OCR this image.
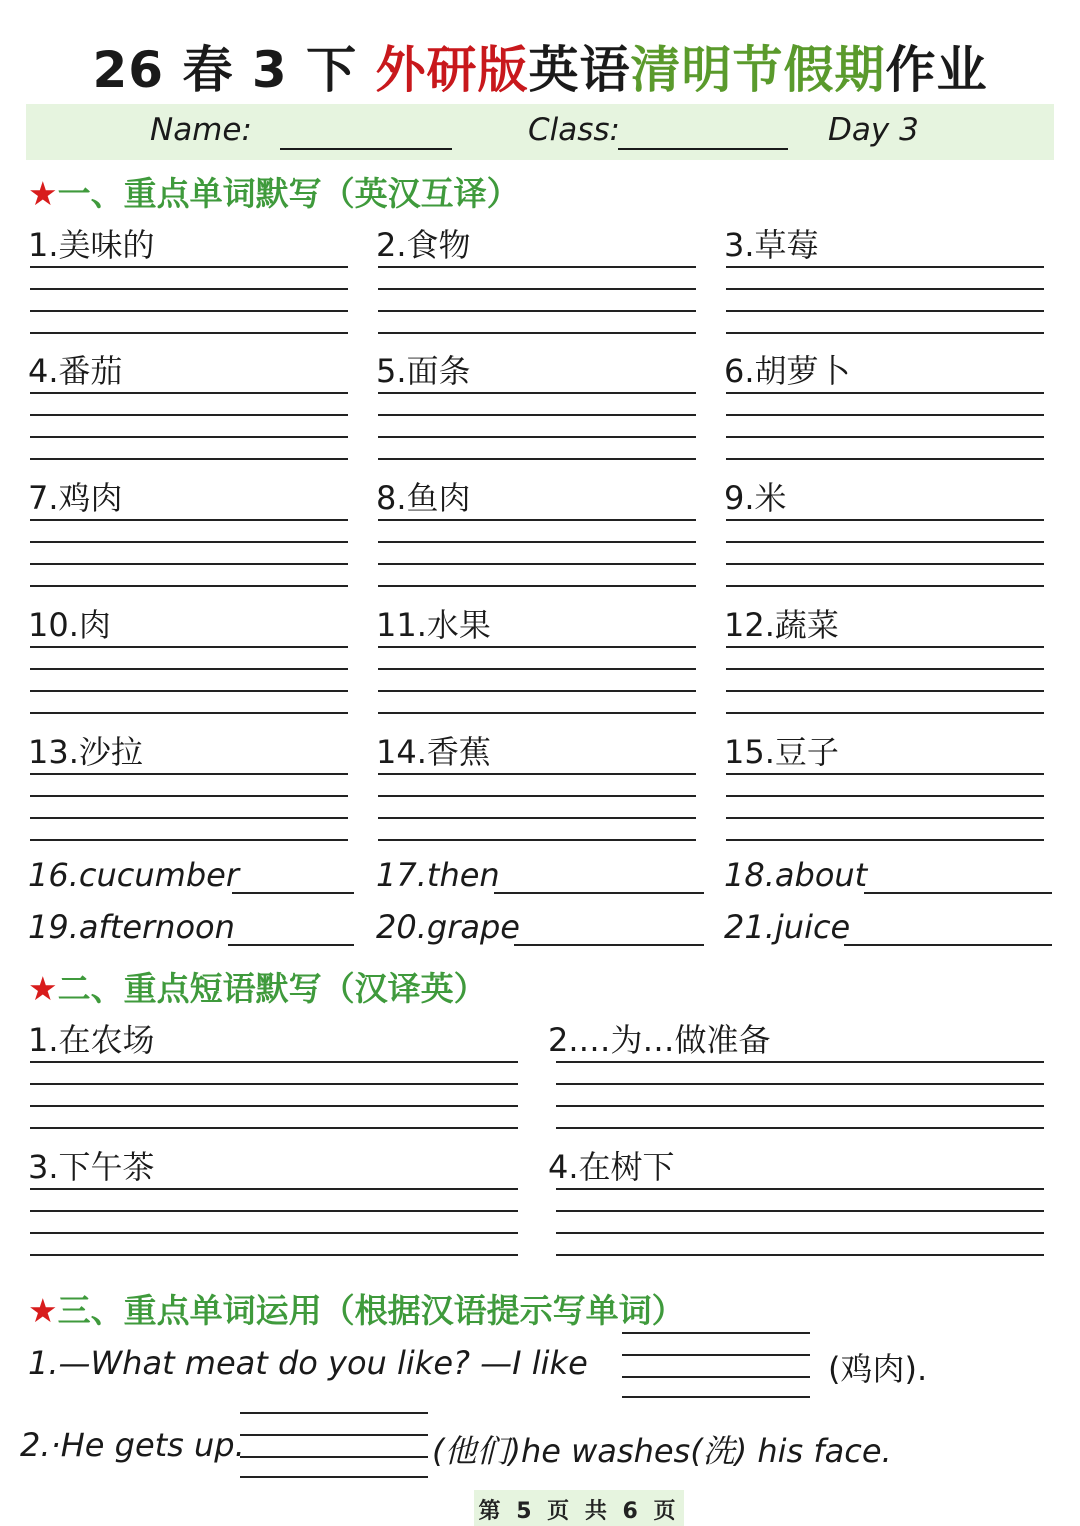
26 春 3 下 外研版英语清明节假期作业
Name:	Class:	Day 3
★一、重点单词默写（英汉互译）
1.美味的	2.食物	3.草莓
4.番茄	5.面条	6.胡萝卜
7.鸡肉	8.鱼肉	9.米
10.肉	11.水果	12.蔬菜
13.沙拉	14.香蕉	15.豆子
16.cucumber	17.then	18.about
19.afternoon	20.grape	21.juice
★二、重点短语默写（汉译英）
1.在农场	2.…为…做准备
3.下午茶	4.在树下
★三、重点单词运用（根据汉语提示写单词）
1.—What meat do you like? —I like	(鸡肉).
2.·He gets up.	(他们)he washes(洗) his face.
第 5 页 共 6 页
